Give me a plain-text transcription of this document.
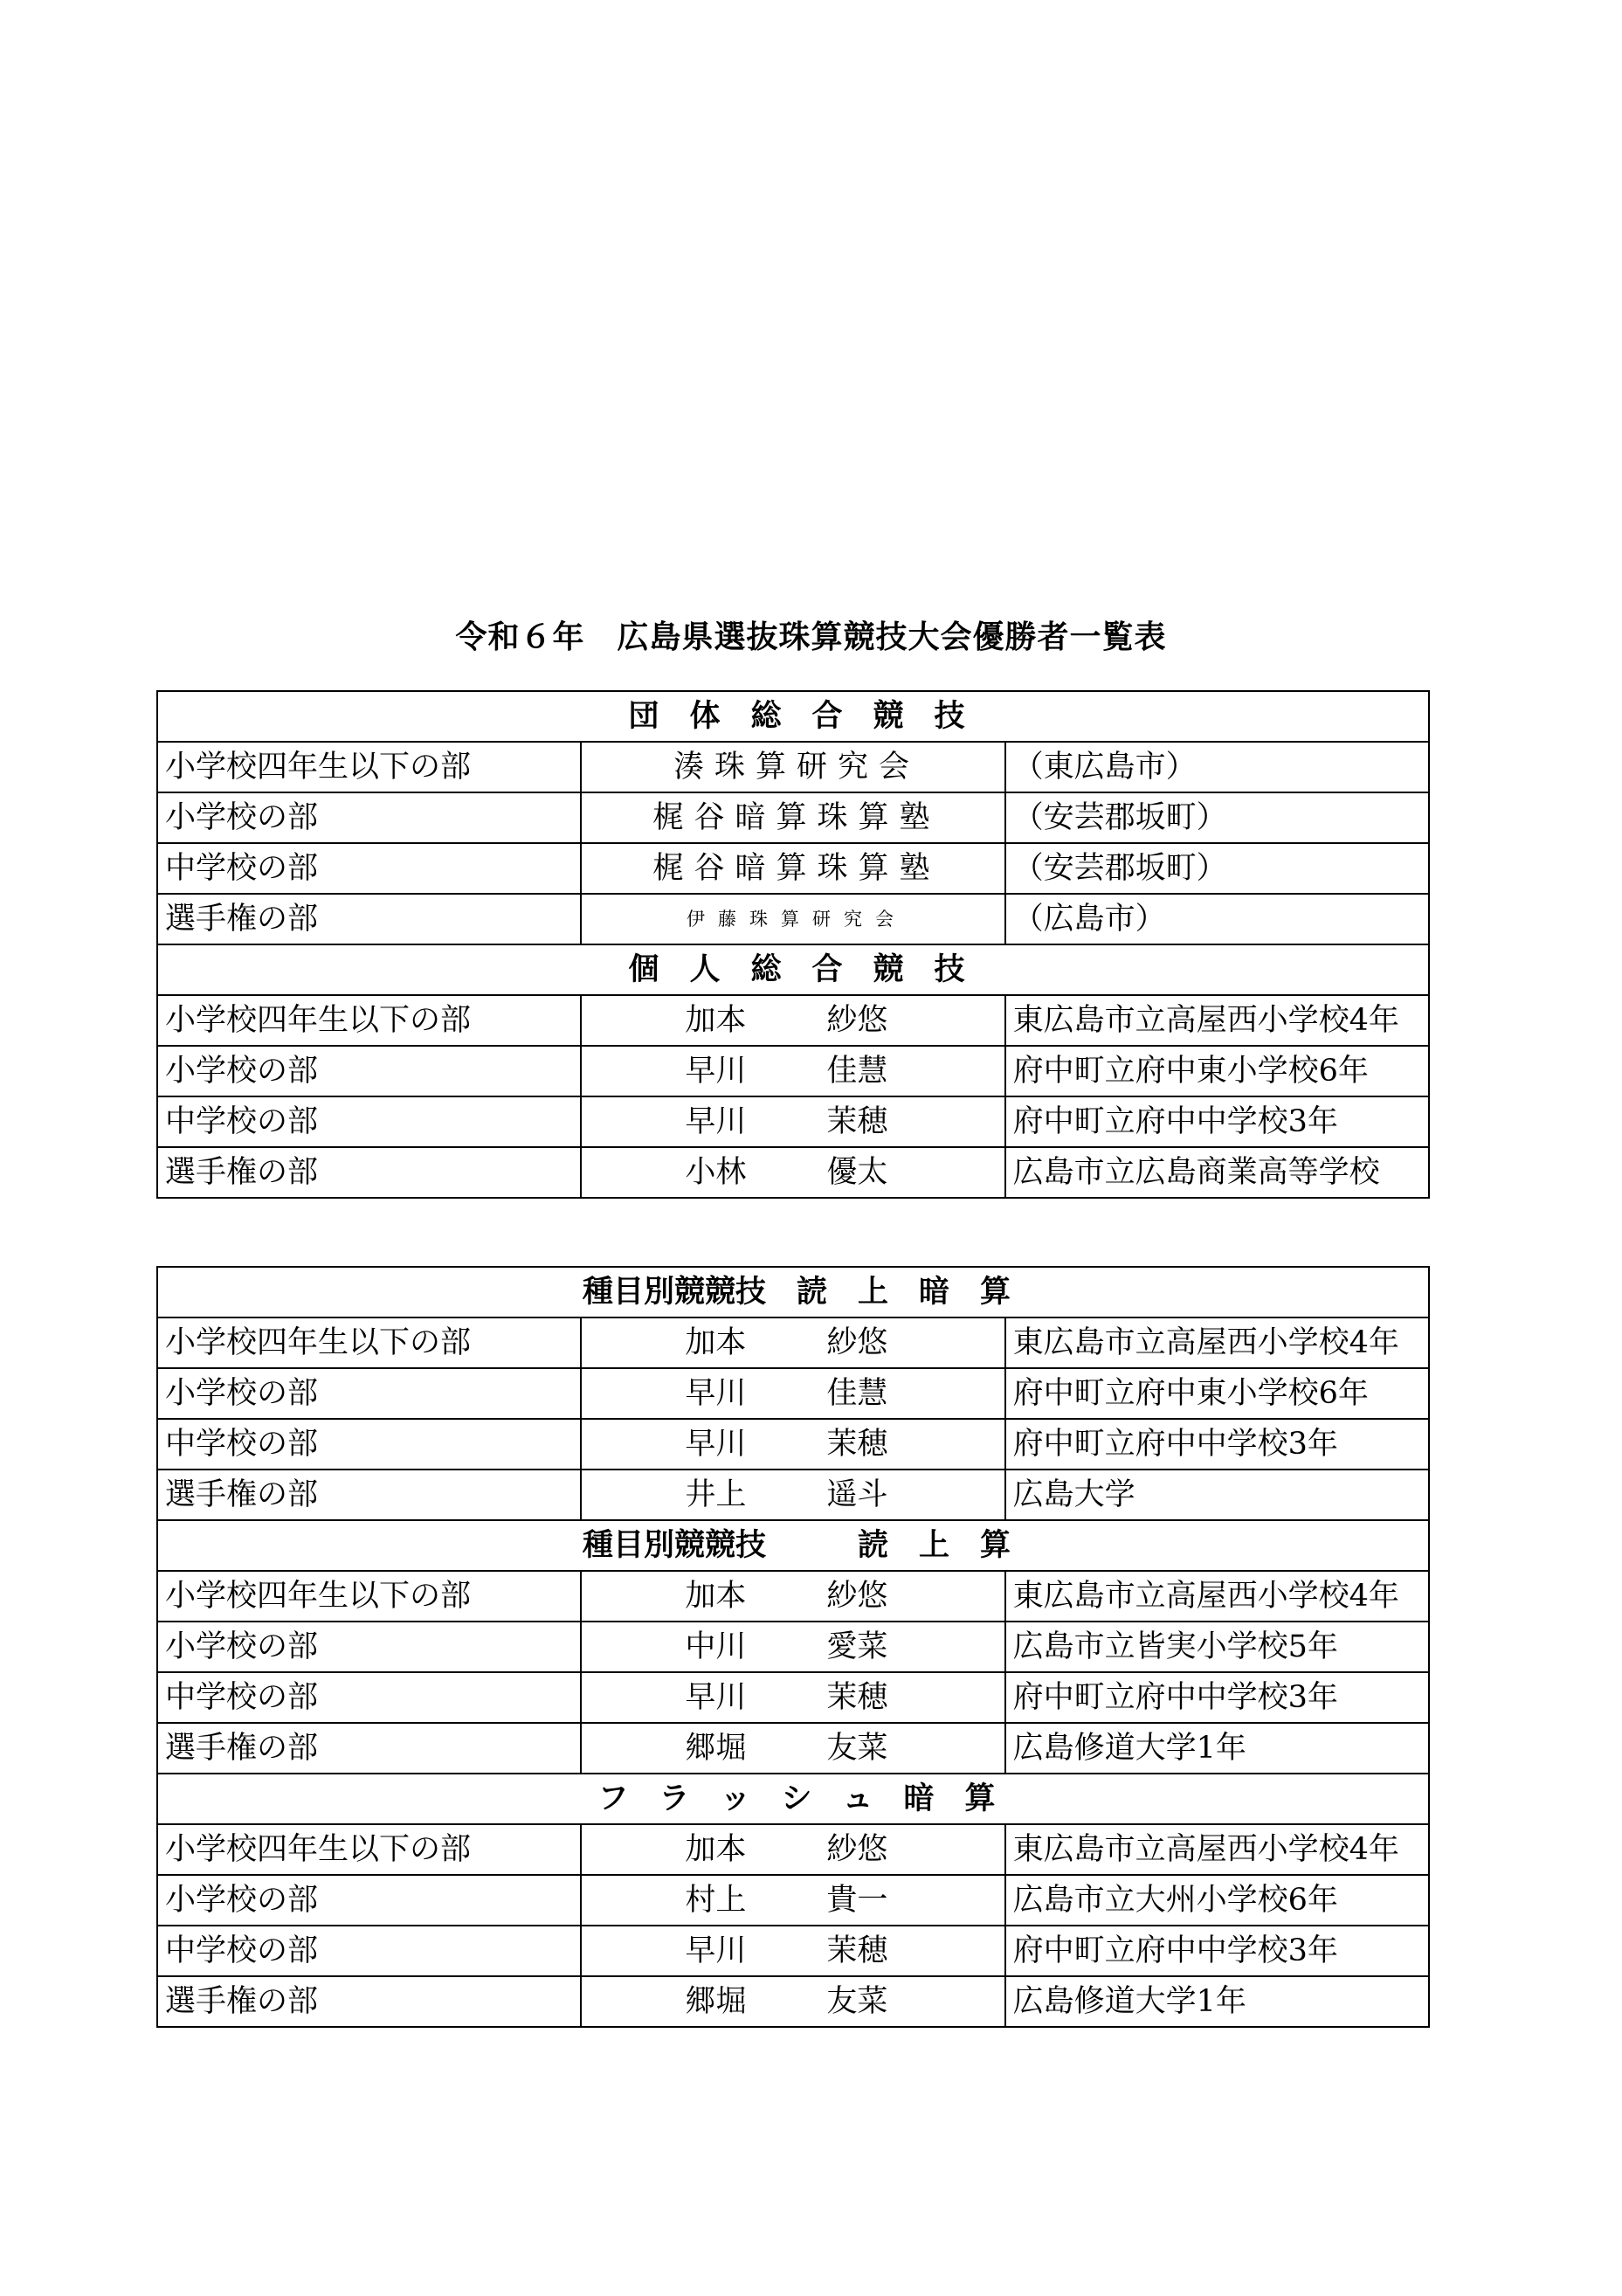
令和６年　広島県選抜珠算競技大会優勝者一覧表
団　体　総　合　競　技		
小学校四年生以下の部	湊珠算研究会	（東広島市）
小学校の部	梶谷暗算珠算塾	（安芸郡坂町）
中学校の部	梶谷暗算珠算塾	（安芸郡坂町）
選手権の部	伊藤珠算研究会	（広島市）
個　人　総　合　競　技		
小学校四年生以下の部	加本 紗悠	東広島市立高屋西小学校4年
小学校の部	早川 佳慧	府中町立府中東小学校6年
中学校の部	早川 茉穂	府中町立府中中学校3年
選手権の部	小林 優太	広島市立広島商業高等学校
種目別競競技　読　上　暗　算		
小学校四年生以下の部	加本 紗悠	東広島市立高屋西小学校4年
小学校の部	早川 佳慧	府中町立府中東小学校6年
中学校の部	早川 茉穂	府中町立府中中学校3年
選手権の部	井上 遥斗	広島大学
種目別競競技　　　読　上　算		
小学校四年生以下の部	加本 紗悠	東広島市立高屋西小学校4年
小学校の部	中川 愛菜	広島市立皆実小学校5年
中学校の部	早川 茉穂	府中町立府中中学校3年
選手権の部	郷堀 友菜	広島修道大学1年
フ　ラ　ッ　シ　ュ　暗　算		
小学校四年生以下の部	加本 紗悠	東広島市立高屋西小学校4年
小学校の部	村上 貴一	広島市立大州小学校6年
中学校の部	早川 茉穂	府中町立府中中学校3年
選手権の部	郷堀 友菜	広島修道大学1年
